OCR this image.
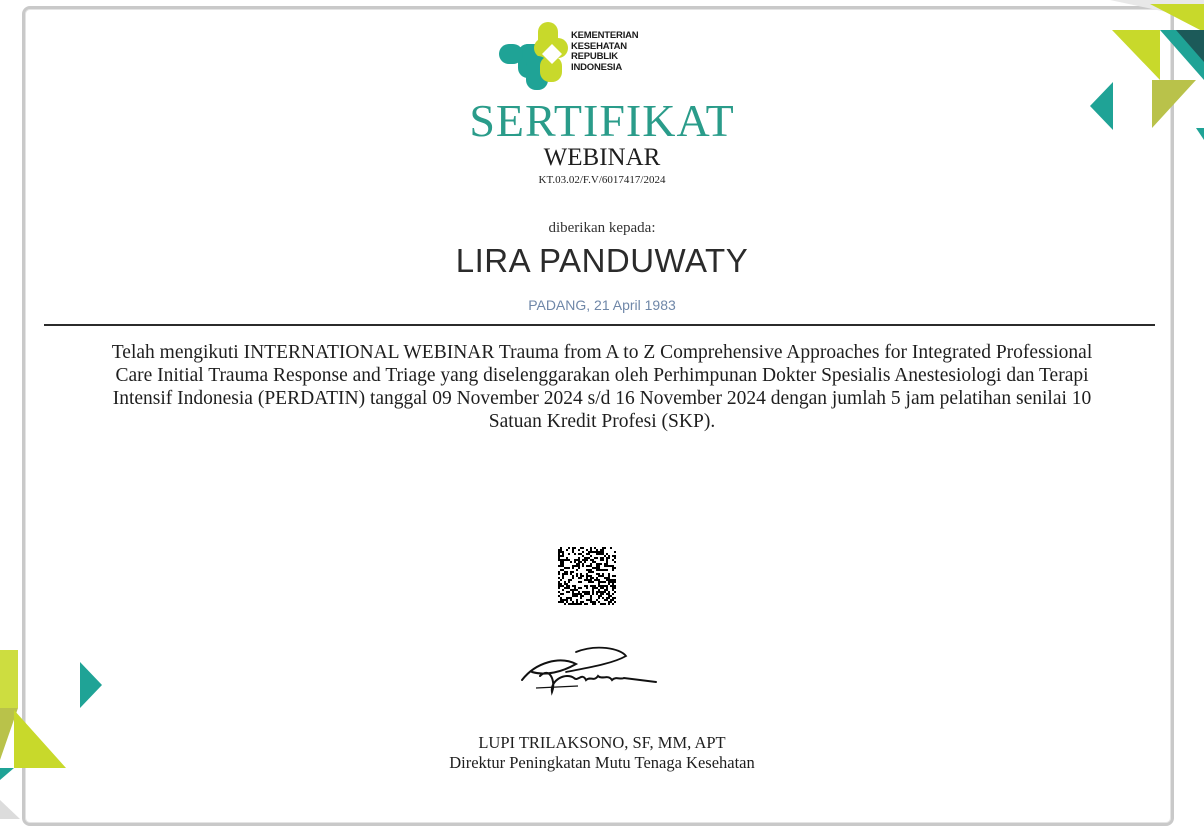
KEMENTERIAN
KESEHATAN
REPUBLIK
INDONESIA
SERTIFIKAT
WEBINAR
KT.03.02/F.V/6017417/2024
diberikan kepada:
LIRA PANDUWATY
PADANG, 21 April 1983
Telah mengikuti INTERNATIONAL WEBINAR Trauma from A to Z Comprehensive Approaches for Integrated Professional Care Initial Trauma Response and Triage yang diselenggarakan oleh Perhimpunan Dokter Spesialis Anestesiologi dan Terapi Intensif Indonesia (PERDATIN) tanggal 09 November 2024 s/d 16 November 2024 dengan jumlah 5 jam pelatihan senilai 10 Satuan Kredit Profesi (SKP).
LUPI TRILAKSONO, SF, MM, APT
Direktur Peningkatan Mutu Tenaga Kesehatan
